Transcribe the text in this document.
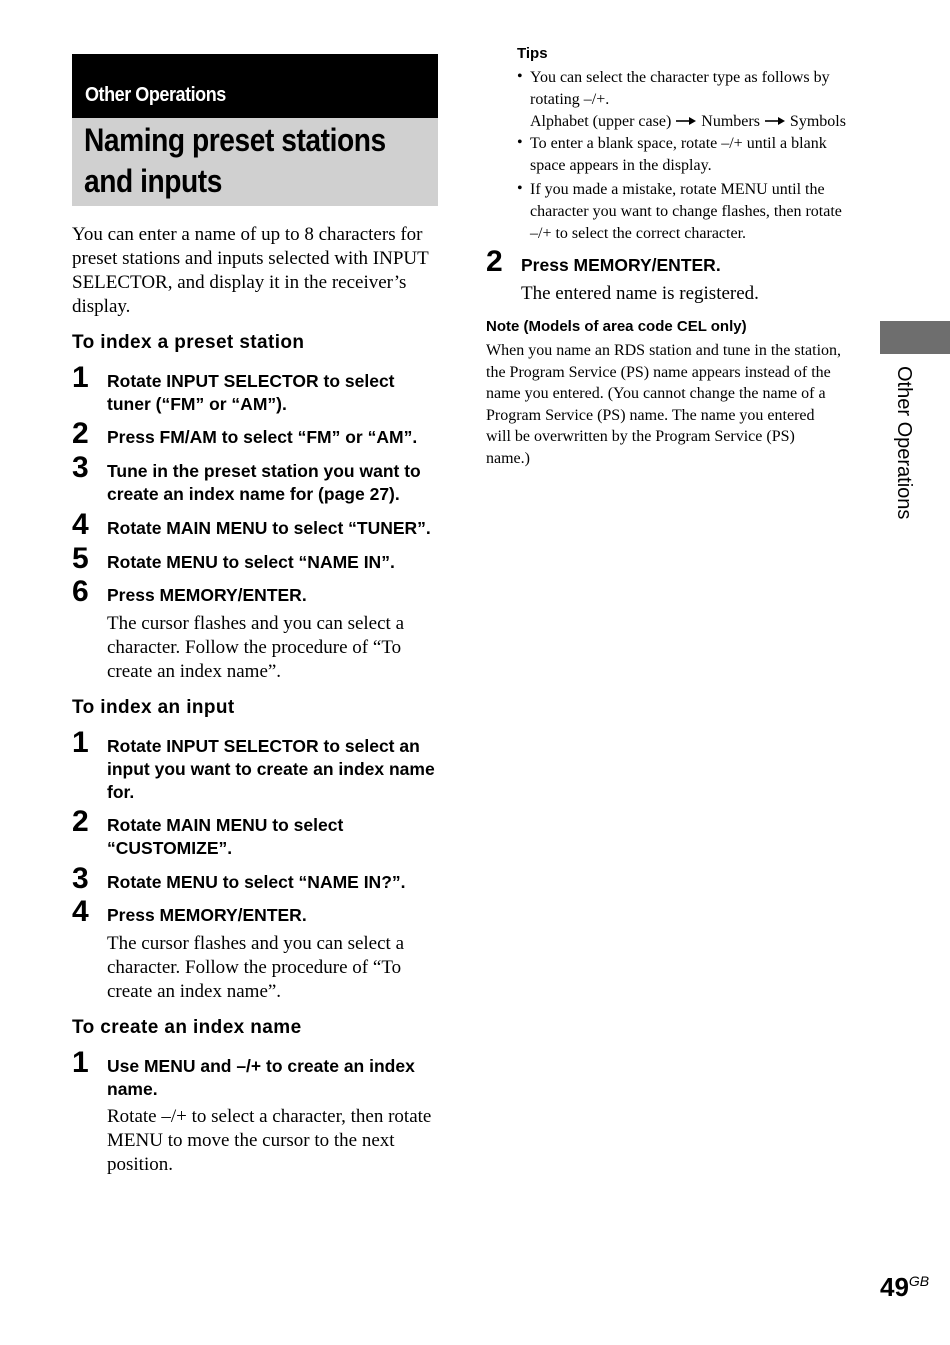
Other Operations
Naming preset stations
and inputs
You can enter a name of up to 8 characters for
preset stations and inputs selected with INPUT
SELECTOR, and display it in the receiver’s
display.
To index a preset station
1 Rotate INPUT SELECTOR to select
tuner (“FM” or “AM”).
2 Press FM/AM to select “FM” or “AM”.
3 Tune in the preset station you want to
create an index name for (page 27).
4 Rotate MAIN MENU to select “TUNER”.
5 Rotate MENU to select “NAME IN”.
6 Press MEMORY/ENTER.
The cursor flashes and you can select a
character. Follow the procedure of “To
create an index name”.
To index an input
1 Rotate INPUT SELECTOR to select an
input you want to create an index name
for.
2 Rotate MAIN MENU to select
“CUSTOMIZE”.
3 Rotate MENU to select “NAME IN?”.
4 Press MEMORY/ENTER.
The cursor flashes and you can select a
character. Follow the procedure of “To
create an index name”.
To create an index name
1 Use MENU and –/+ to create an index
name.
Rotate –/+ to select a character, then rotate
MENU to move the cursor to the next
position.
Tips
• You can select the character type as follows by
rotating –/+.
Alphabet (upper case) Numbers Symbols
• To enter a blank space, rotate –/+ until a blank
space appears in the display.
• If you made a mistake, rotate MENU until the
character you want to change flashes, then rotate
–/+ to select the correct character.
2 Press MEMORY/ENTER.
The entered name is registered.
Note (Models of area code CEL only)
When you name an RDS station and tune in the station,
the Program Service (PS) name appears instead of the
name you entered. (You cannot change the name of a
Program Service (PS) name. The name you entered
will be overwritten by the Program Service (PS)
name.)	Other Operations
$49^{GB}$
